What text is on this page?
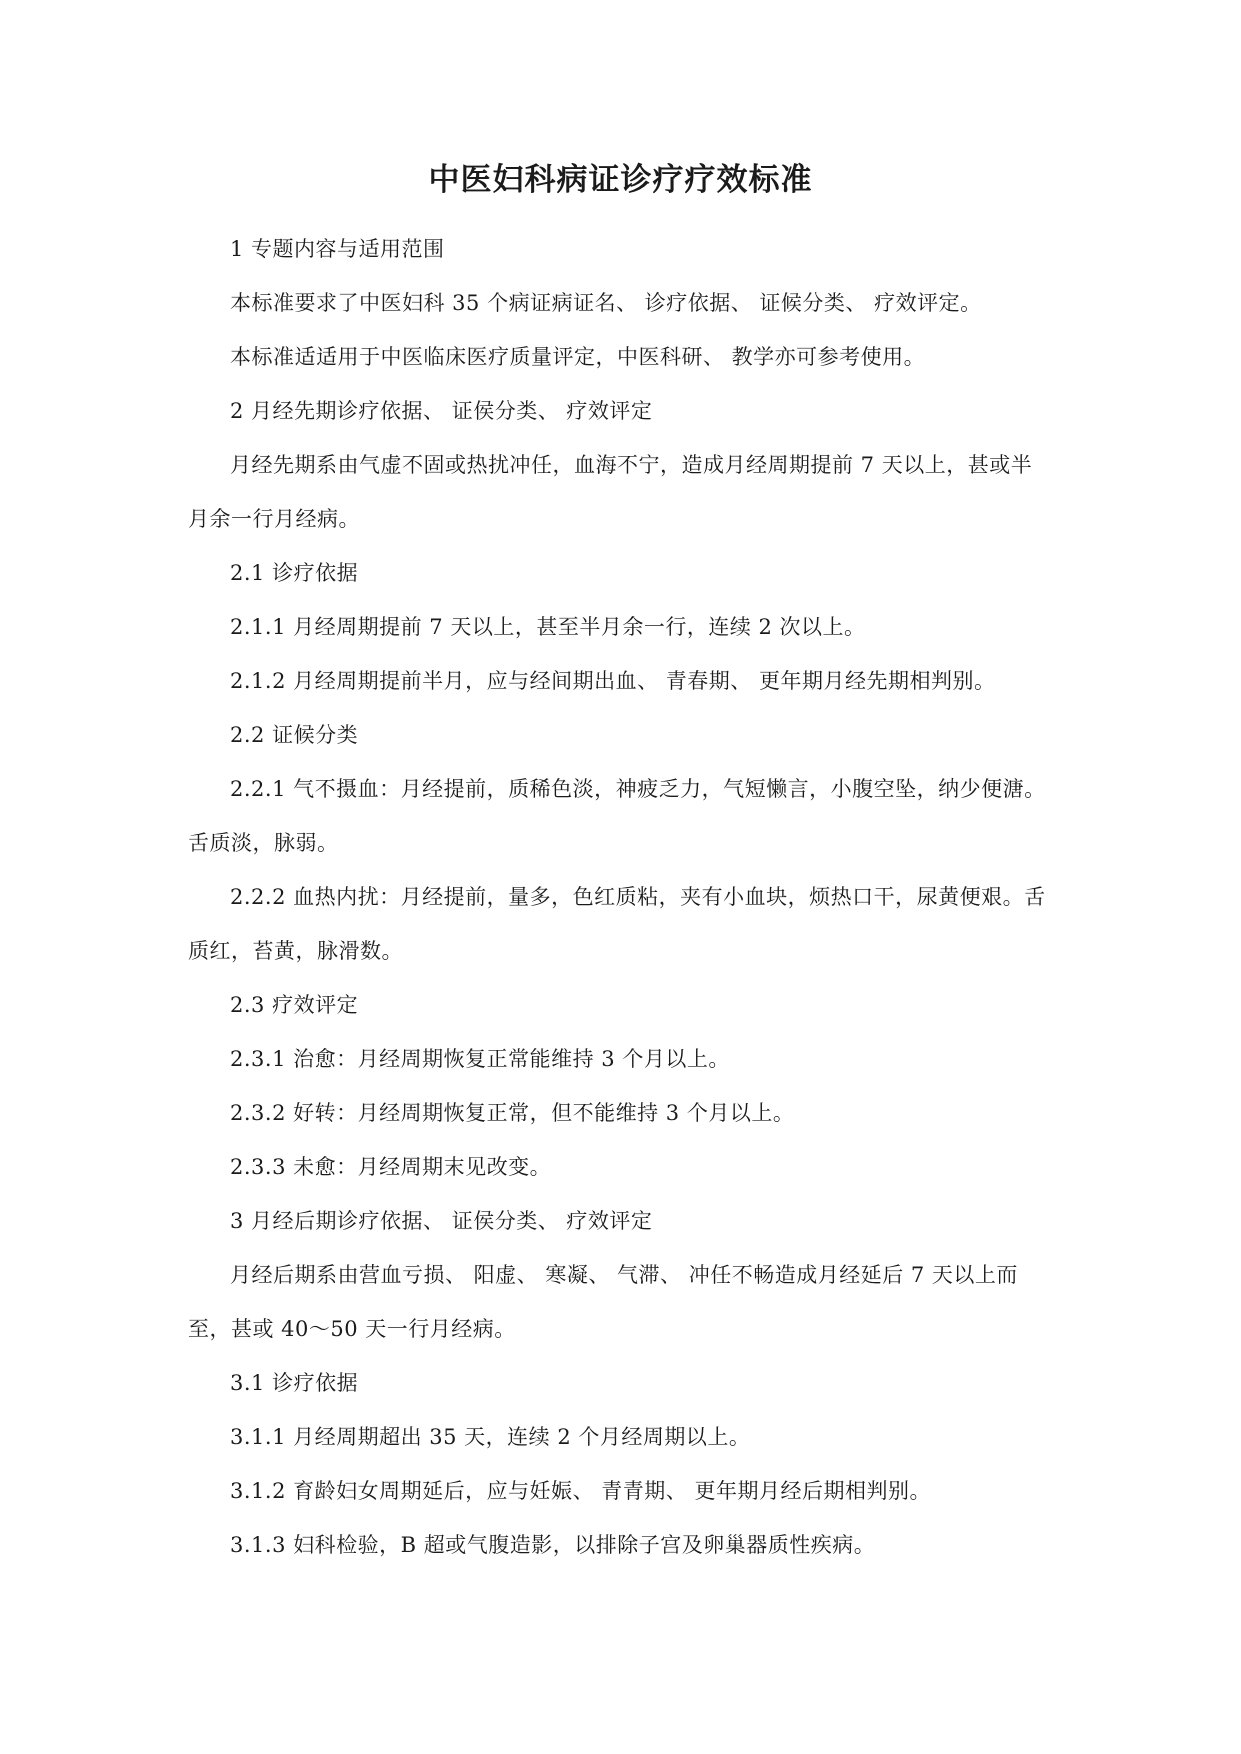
中医妇科病证诊疗疗效标准

1 专题内容与适用范围

本标准要求了中医妇科 35 个病证病证名、 诊疗依据、 证候分类、 疗效评定。

本标准适适用于中医临床医疗质量评定，中医科研、 教学亦可参考使用。

2 月经先期诊疗依据、 证侯分类、 疗效评定

月经先期系由气虚不固或热扰冲任，血海不宁，造成月经周期提前 7 天以上，甚或半月余一行月经病。

2.1 诊疗依据

2.1.1 月经周期提前 7 天以上，甚至半月余一行，连续 2 次以上。

2.1.2 月经周期提前半月，应与经间期出血、 青春期、 更年期月经先期相判别。

2.2 证候分类

2.2.1 气不摄血：月经提前，质稀色淡，神疲乏力，气短懒言，小腹空坠，纳少便溏。舌质淡，脉弱。

2.2.2 血热内扰：月经提前，量多，色红质粘，夹有小血块，烦热口干，尿黄便艰。舌质红，苔黄，脉滑数。

2.3 疗效评定

2.3.1 治愈：月经周期恢复正常能维持 3 个月以上。

2.3.2 好转：月经周期恢复正常，但不能维持 3 个月以上。

2.3.3 未愈：月经周期末见改变。

3 月经后期诊疗依据、 证侯分类、 疗效评定

月经后期系由营血亏损、 阳虚、 寒凝、 气滞、 冲任不畅造成月经延后 7 天以上而至，甚或 40～50 天一行月经病。

3.1 诊疗依据

3.1.1 月经周期超出 35 天，连续 2 个月经周期以上。

3.1.2 育龄妇女周期延后，应与妊娠、 青青期、 更年期月经后期相判别。

3.1.3 妇科检验，B 超或气腹造影，以排除子宫及卵巢器质性疾病。
